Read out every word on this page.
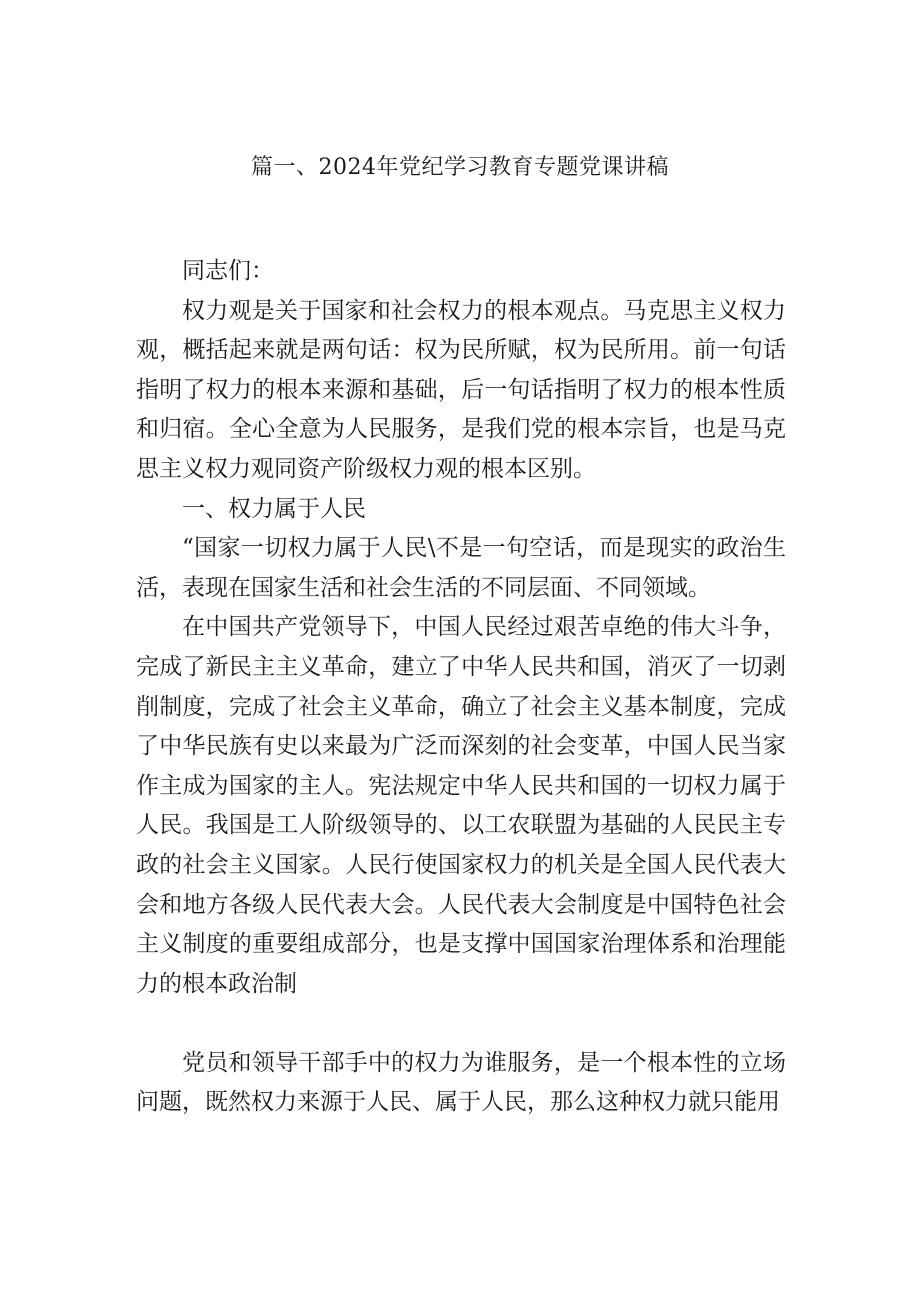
篇一、2024年党纪学习教育专题党课讲稿

同志们：

权力观是关于国家和社会权力的根本观点。马克思主义权力观，概括起来就是两句话：权为民所赋，权为民所用。前一句话指明了权力的根本来源和基础，后一句话指明了权力的根本性质和归宿。全心全意为人民服务，是我们党的根本宗旨，也是马克思主义权力观同资产阶级权力观的根本区别。

一、权力属于人民

“国家一切权力属于人民\不是一句空话，而是现实的政治生活，表现在国家生活和社会生活的不同层面、不同领域。

在中国共产党领导下，中国人民经过艰苦卓绝的伟大斗争，完成了新民主主义革命，建立了中华人民共和国，消灭了一切剥削制度，完成了社会主义革命，确立了社会主义基本制度，完成了中华民族有史以来最为广泛而深刻的社会变革，中国人民当家作主成为国家的主人。宪法规定中华人民共和国的一切权力属于人民。我国是工人阶级领导的、以工农联盟为基础的人民民主专政的社会主义国家。人民行使国家权力的机关是全国人民代表大会和地方各级人民代表大会。人民代表大会制度是中国特色社会主义制度的重要组成部分，也是支撑中国国家治理体系和治理能力的根本政治制

党员和领导干部手中的权力为谁服务，是一个根本性的立场问题，既然权力来源于人民、属于人民，那么这种权力就只能用
